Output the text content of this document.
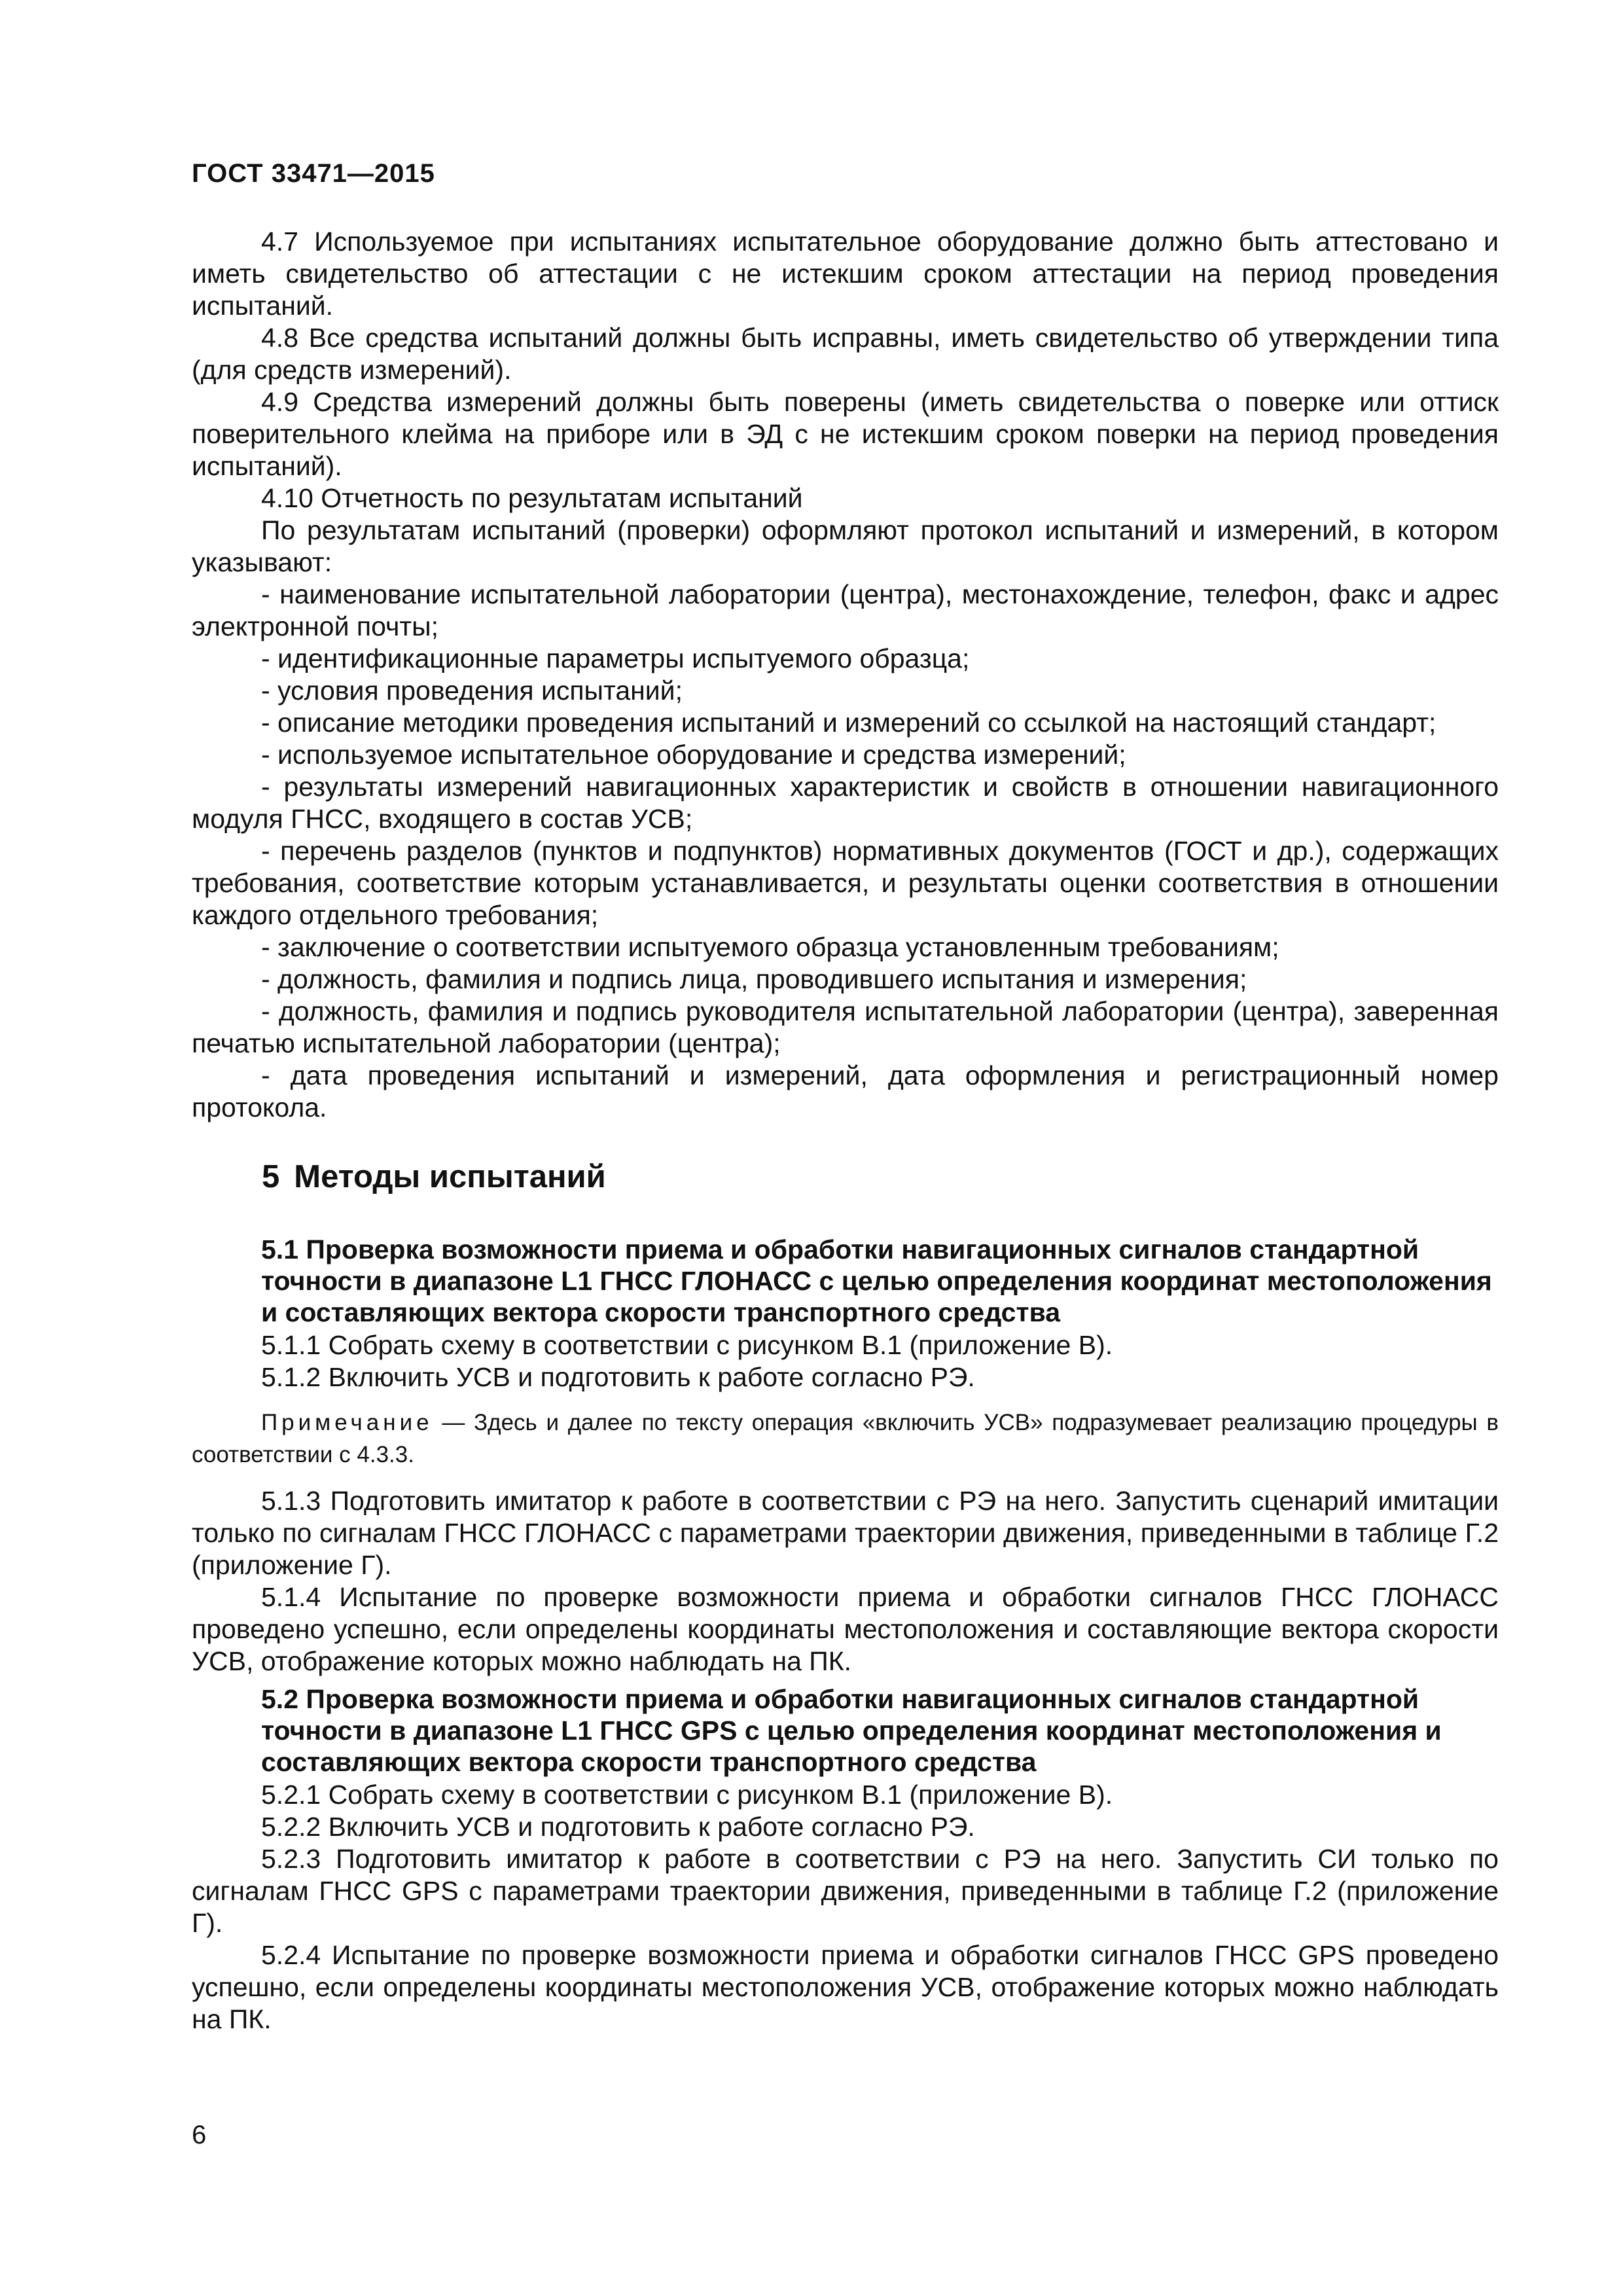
ГОСТ 33471—2015

4.7 Используемое при испытаниях испытательное оборудование должно быть аттестовано и иметь свидетельство об аттестации с не истекшим сроком аттестации на период проведения испытаний.

4.8 Все средства испытаний должны быть исправны, иметь свидетельство об утверждении типа (для средств измерений).

4.9 Средства измерений должны быть поверены (иметь свидетельства о поверке или оттиск поверительного клейма на приборе или в ЭД с не истекшим сроком поверки на период проведения испытаний).

4.10 Отчетность по результатам испытаний

По результатам испытаний (проверки) оформляют протокол испытаний и измерений, в котором указывают:

- наименование испытательной лаборатории (центра), местонахождение, телефон, факс и адрес электронной почты;

- идентификационные параметры испытуемого образца;

- условия проведения испытаний;

- описание методики проведения испытаний и измерений со ссылкой на настоящий стандарт;

- используемое испытательное оборудование и средства измерений;

- результаты измерений навигационных характеристик и свойств в отношении навигационного модуля ГНСС, входящего в состав УСВ;

- перечень разделов (пунктов и подпунктов) нормативных документов (ГОСТ и др.), содержащих требования, соответствие которым устанавливается, и результаты оценки соответствия в отношении каждого отдельного требования;

- заключение о соответствии испытуемого образца установленным требованиям;

- должность, фамилия и подпись лица, проводившего испытания и измерения;

- должность, фамилия и подпись руководителя испытательной лаборатории (центра), заверенная печатью испытательной лаборатории (центра);

- дата проведения испытаний и измерений, дата оформления и регистрационный номер протокола.

5 Методы испытаний

5.1 Проверка возможности приема и обработки навигационных сигналов стандартной точности в диапазоне L1 ГНСС ГЛОНАСС с целью определения координат местоположения и составляющих вектора скорости транспортного средства

5.1.1 Собрать схему в соответствии с рисунком В.1 (приложение В).

5.1.2 Включить УСВ и подготовить к работе согласно РЭ.

Примечание — Здесь и далее по тексту операция «включить УСВ» подразумевает реализацию процедуры в соответствии с 4.3.3.

5.1.3 Подготовить имитатор к работе в соответствии с РЭ на него. Запустить сценарий имитации только по сигналам ГНСС ГЛОНАСС с параметрами траектории движения, приведенными в таблице Г.2 (приложение Г).

5.1.4 Испытание по проверке возможности приема и обработки сигналов ГНСС ГЛОНАСС проведено успешно, если определены координаты местоположения и составляющие вектора скорости УСВ, отображение которых можно наблюдать на ПК.

5.2 Проверка возможности приема и обработки навигационных сигналов стандартной точности в диапазоне L1 ГНСС GPS с целью определения координат местоположения и составляющих вектора скорости транспортного средства

5.2.1 Собрать схему в соответствии с рисунком В.1 (приложение В).

5.2.2 Включить УСВ и подготовить к работе согласно РЭ.

5.2.3 Подготовить имитатор к работе в соответствии с РЭ на него. Запустить СИ только по сигналам ГНСС GPS с параметрами траектории движения, приведенными в таблице Г.2 (приложение Г).

5.2.4 Испытание по проверке возможности приема и обработки сигналов ГНСС GPS проведено успешно, если определены координаты местоположения УСВ, отображение которых можно наблюдать на ПК.

6
